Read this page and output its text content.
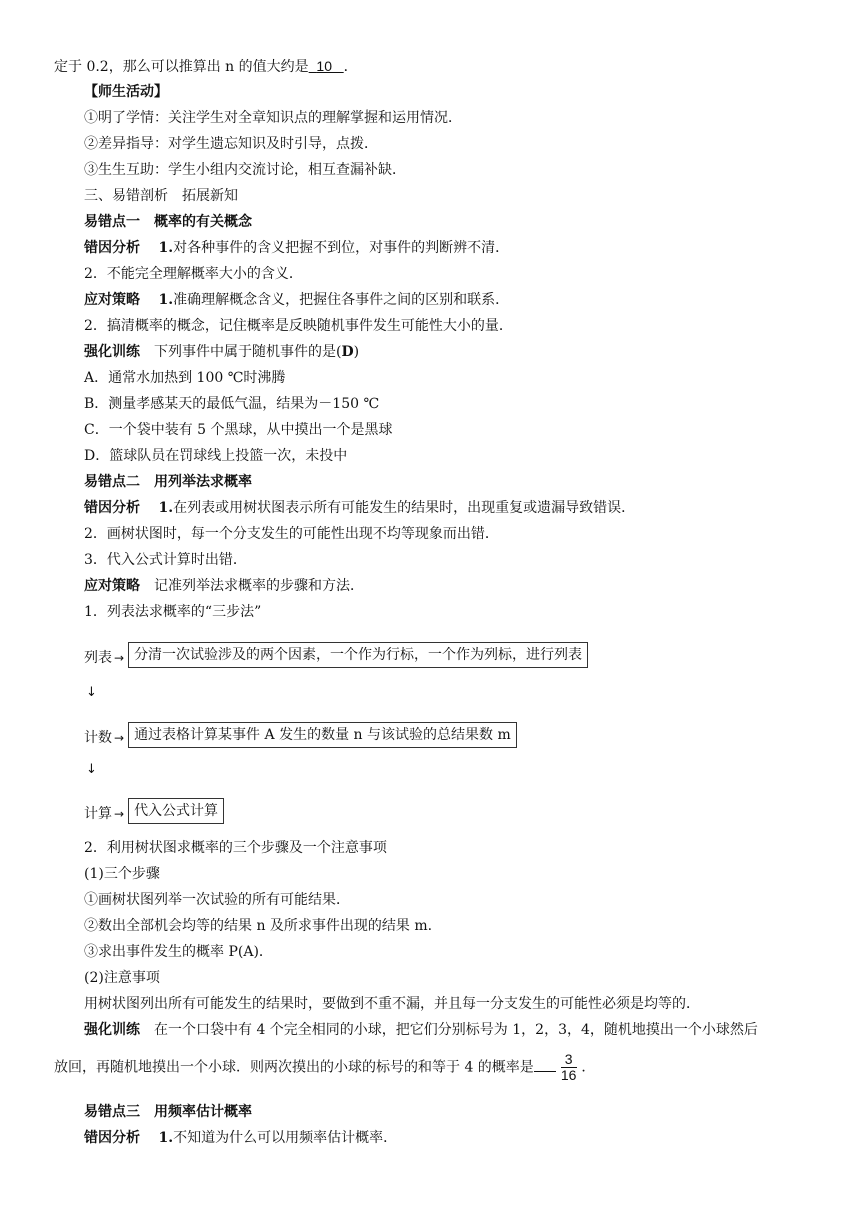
定于 0.2，那么可以推算出 n 的值大约是 10 ．
【师生活动】
①明了学情：关注学生对全章知识点的理解掌握和运用情况．
②差异指导：对学生遗忘知识及时引导，点拨．
③生生互助：学生小组内交流讨论，相互查漏补缺．
三、易错剖析　拓展新知
易错点一　概率的有关概念
错因分析　 1.对各种事件的含义把握不到位，对事件的判断辨不清．
2．不能完全理解概率大小的含义．
应对策略　 1.准确理解概念含义，把握住各事件之间的区别和联系．
2．搞清概率的概念，记住概率是反映随机事件发生可能性大小的量．
强化训练　 下列事件中属于随机事件的是(D)
A．通常水加热到 100 ℃时沸腾
B．测量孝感某天的最低气温，结果为－150 ℃
C．一个袋中装有 5 个黑球，从中摸出一个是黑球
D．篮球队员在罚球线上投篮一次，未投中
易错点二　用列举法求概率
错因分析　 1.在列表或用树状图表示所有可能发生的结果时，出现重复或遗漏导致错误．
2．画树状图时，每一个分支发生的可能性出现不均等现象而出错．
3．代入公式计算时出错．
应对策略　 记准列举法求概率的步骤和方法．
1．列表法求概率的“三步法”
列表 → 分清一次试验涉及的两个因素，一个作为行标，一个作为列标，进行列表
↓
计数 → 通过表格计算某事件 A 发生的数量 n 与该试验的总结果数 m
↓
计算 → 代入公式计算
2．利用树状图求概率的三个步骤及一个注意事项
(1)三个步骤
①画树状图列举一次试验的所有可能结果．
②数出全部机会均等的结果 n 及所求事件出现的结果 m.
③求出事件发生的概率 P(A)．
(2)注意事项
用树状图列出所有可能发生的结果时，要做到不重不漏，并且每一分支发生的可能性必须是均等的．
强化训练　 在一个口袋中有 4 个完全相同的小球，把它们分别标号为 1，2，3，4，随机地摸出一个小球然后
放回，再随机地摸出一个小球．则两次摸出的小球的标号的和等于 4 的概率是 $\frac{3}{16}$ ．
易错点三　用频率估计概率
错因分析　 1.不知道为什么可以用频率估计概率．
